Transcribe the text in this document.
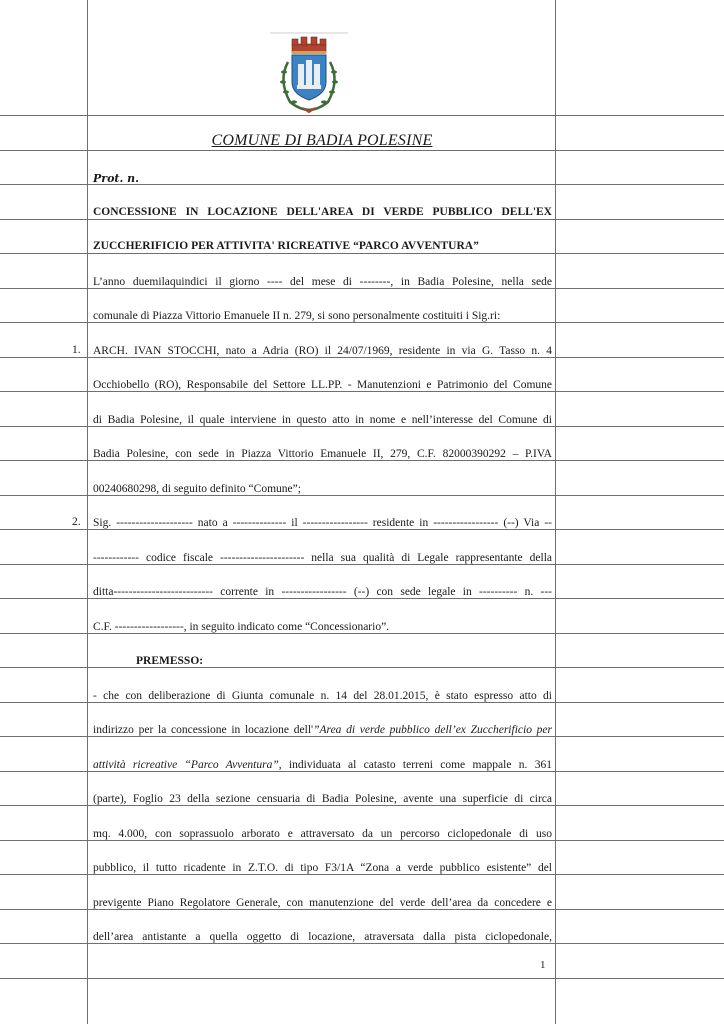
COMUNE DI BADIA POLESINE
Prot. n.
CONCESSIONE IN LOCAZIONE DELL'AREA DI VERDE PUBBLICO DELL'EX
ZUCCHERIFICIO PER ATTIVITA' RICREATIVE “PARCO AVVENTURA”
L’anno duemilaquindici il giorno ---- del mese di --------, in Badia Polesine, nella sede
comunale di Piazza Vittorio Emanuele II n. 279, si sono personalmente costituiti i Sig.ri:
1. ARCH. IVAN STOCCHI, nato a Adria (RO) il 24/07/1969, residente in via G. Tasso n. 4
Occhiobello (RO), Responsabile del Settore LL.PP. - Manutenzioni e Patrimonio del Comune
di Badia Polesine, il quale interviene in questo atto in nome e nell’interesse del Comune di
Badia Polesine, con sede in Piazza Vittorio Emanuele II, 279, C.F. 82000390292 – P.IVA
00240680298, di seguito definito “Comune”;
2. Sig. -------------------- nato a -------------- il ----------------- residente in ----------------- (--) Via --
------------ codice fiscale ---------------------- nella sua qualità di Legale rappresentante della
ditta-------------------------- corrente in ----------------- (--) con sede legale in ---------- n. ---
C.F. ------------------, in seguito indicato come “Concessionario”.
PREMESSO:
- che con deliberazione di Giunta comunale n. 14 del 28.01.2015, è stato espresso atto di
indirizzo per la concessione in locazione dell'”Area di verde pubblico dell’ex Zuccherificio per
attività ricreative “Parco Avventura”, individuata al catasto terreni come mappale n. 361
(parte), Foglio 23 della sezione censuaria di Badia Polesine, avente una superficie di circa
mq. 4.000, con soprassuolo arborato e attraversato da un percorso ciclopedonale di uso
pubblico, il tutto ricadente in Z.T.O. di tipo F3/1A “Zona a verde pubblico esistente” del
previgente Piano Regolatore Generale, con manutenzione del verde dell’area da concedere e
dell’area antistante a quella oggetto di locazione, atraversata dalla pista ciclopedonale,
1
